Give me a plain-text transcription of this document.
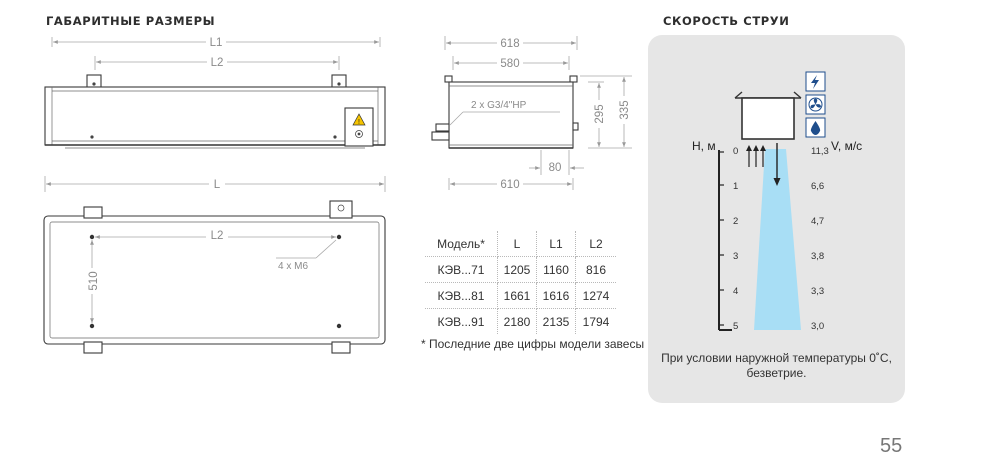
ГАБАРИТНЫЕ РАЗМЕРЫ	СКОРОСТЬ СТРУИ
L1
L2
!
L
L2
510
4 x M6
618
580
2 x G3/4"HP	295 335
80
610
Модель*	L	L1	L2
КЭВ...71	1205	1160	816
КЭВ...81	1661	1616	1274
КЭВ...91	2180	2135	1794
* Последние две цифры модели завесы
0
1
2
3
4
5
11,3
6,6
4,7
3,8
3,3
3,0
H, м	V, м/с
При условии наружной температуры 0˚С,
безветрие.
55
